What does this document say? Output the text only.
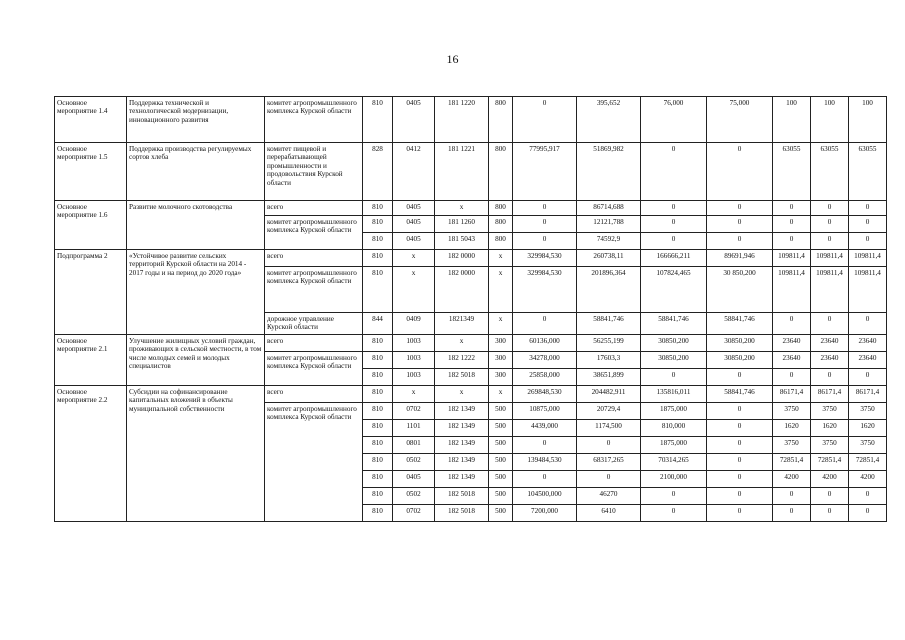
16
Основное мероприятие 1.4	Поддержка технической и технологической модернизации, инновационного развития	комитет агропромышленного комплекса Курской области	810	0405	181 1220	800	0	395,652	76,000	75,000	100	100	100
Основное мероприятие 1.5	Поддержка производства регулируемых сортов хлеба	комитет пищевой и перерабатывающей промышленности и продовольствия Курской области	828	0412	181 1221	800	77995,917	51869,982	0	0	63055	63055	63055
Основное мероприятие 1.6	Развитие молочного скотоводства	всего	810	0405	х	800	0	86714,688	0	0	0	0	0
		комитет агропромышленного комплекса Курской области	810	0405	181 1260	800	0	12121,788	0	0	0	0	0
			810	0405	181 5043	800	0	74592,9	0	0	0	0	0
Подпрограмма 2	«Устойчивое развитие сельских территорий Курской области на 2014 - 2017 годы и на период до 2020 года»	всего	810	х	182 0000	х	329984,530	260738,11	166666,211	89691,946	109811,4	109811,4	109811,4
		комитет агропромышленного комплекса Курской области	810	х	182 0000	х	329984,530	201896,364	107824,465	30 850,200	109811,4	109811,4	109811,4
		дорожное управление Курской области	844	0409	1821349	х	0	58841,746	58841,746	58841,746	0	0	0
Основное мероприятие 2.1	Улучшение жилищных условий граждан, проживающих в сельской местности, в том числе молодых семей и молодых специалистов	всего	810	1003	х	300	60136,000	56255,199	30850,200	30850,200	23640	23640	23640
		комитет агропромышленного комплекса Курской области	810	1003	182 1222	300	34278,000	17603,3	30850,200	30850,200	23640	23640	23640
			810	1003	182 5018	300	25858,000	38651,899	0	0	0	0	0
Основное мероприятие 2.2	Субсидии на софинансирование капитальных вложений в объекты муниципальной собственности	всего	810	х	х	х	269848,530	204482,911	135816,011	58841,746	86171,4	86171,4	86171,4
		комитет агропромышленного комплекса Курской области	810	0702	182 1349	500	10875,000	20729,4	1875,000	0	3750	3750	3750
			810	1101	182 1349	500	4439,000	1174,500	810,000	0	1620	1620	1620
			810	0801	182 1349	500	0	0	1875,000	0	3750	3750	3750
			810	0502	182 1349	500	139484,530	68317,265	70314,265	0	72851,4	72851,4	72851,4
			810	0405	182 1349	500	0	0	2100,000	0	4200	4200	4200
			810	0502	182 5018	500	104500,000	46270	0	0	0	0	0
			810	0702	182 5018	500	7200,000	6410	0	0	0	0	0
